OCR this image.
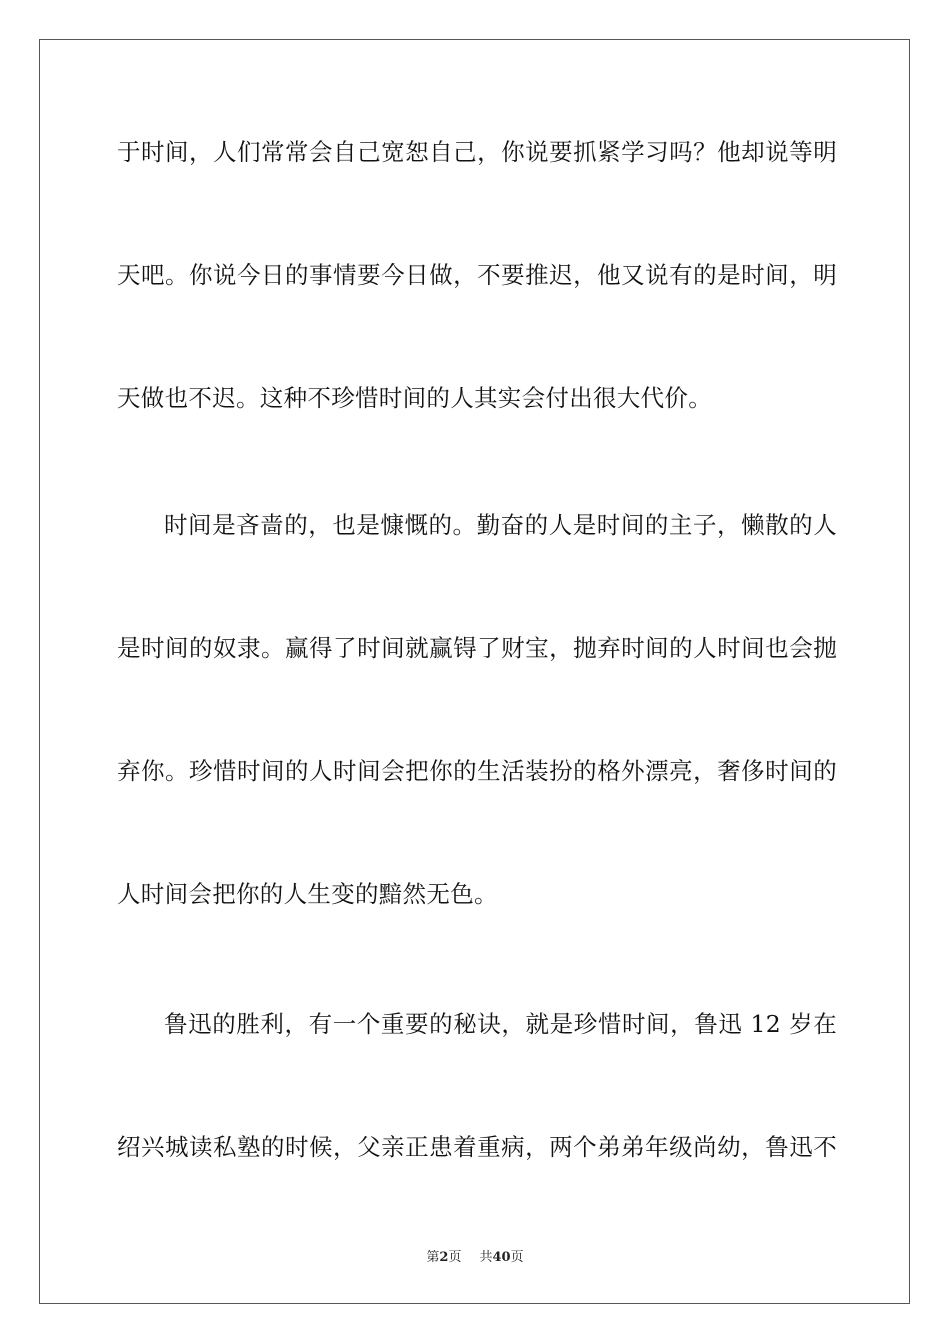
于时间，人们常常会自己宽恕自己，你说要抓紧学习吗？他却说等明
天吧。你说今日的事情要今日做，不要推迟，他又说有的是时间，明
天做也不迟。这种不珍惜时间的人其实会付出很大代价。
时间是吝啬的，也是慷慨的。勤奋的人是时间的主子，懒散的人
是时间的奴隶。赢得了时间就赢锝了财宝，抛弃时间的人时间也会抛
弃你。珍惜时间的人时间会把你的生活装扮的格外漂亮，奢侈时间的
人时间会把你的人生变的黯然无色。
鲁迅的胜利，有一个重要的秘诀，就是珍惜时间，鲁迅 12 岁在
绍兴城读私塾的时候，父亲正患着重病，两个弟弟年级尚幼，鲁迅不
第2页 共40页
